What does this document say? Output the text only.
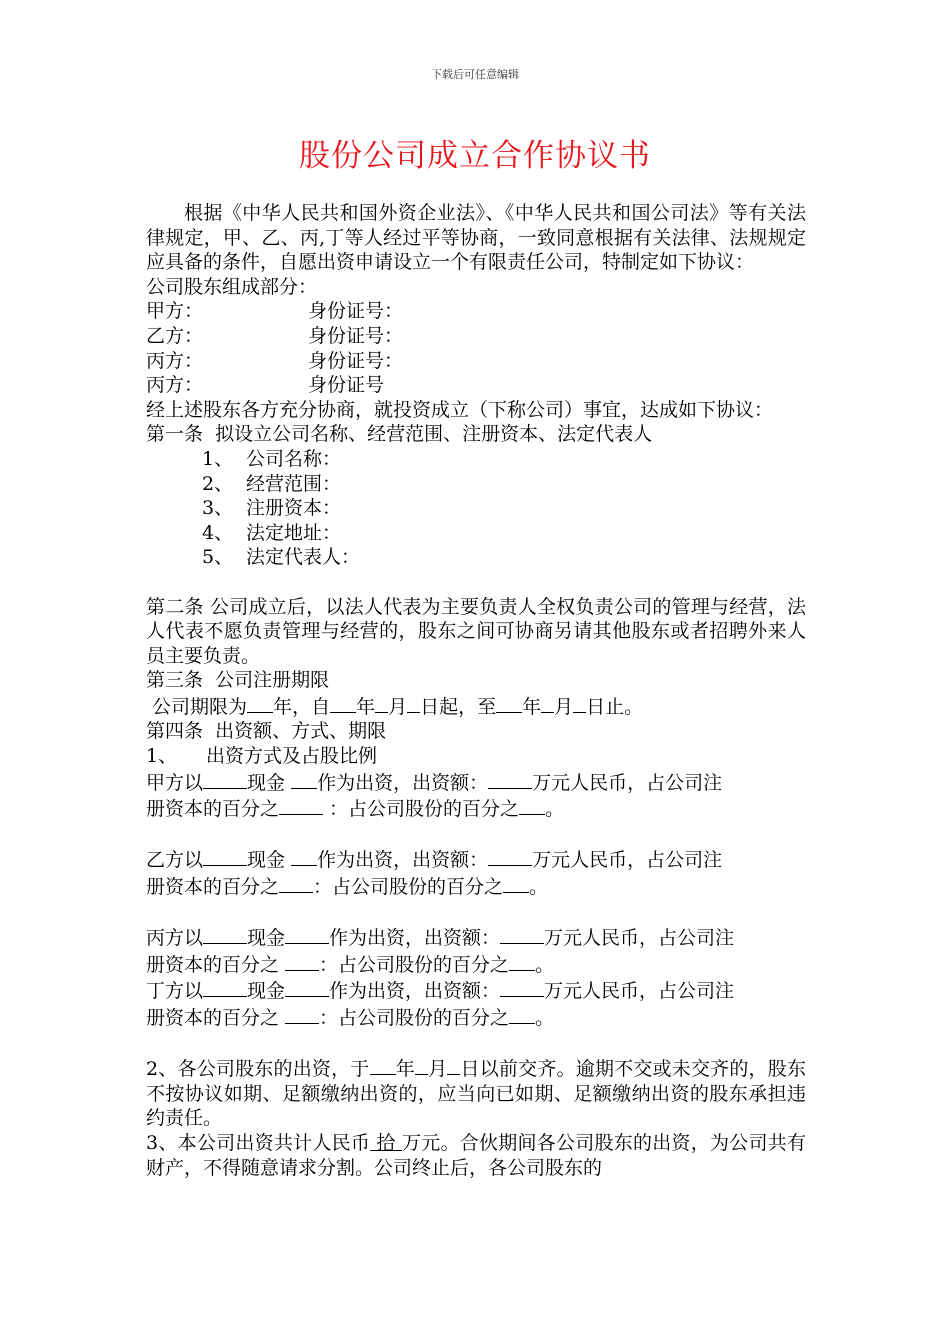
下载后可任意编辑
股份公司成立合作协议书

根据《中华人民共和国外资企业法》、《中华人民共和国公司法》等有关法律规定，甲、乙、丙,丁等人经过平等协商，一致同意根据有关法律、法规规定应具备的条件，自愿出资申请设立一个有限责任公司，特制定如下协议：

公司股东组成部分：

甲方：	身份证号：

乙方：	身份证号：

丙方：	身份证号：

丙方：	身份证号

经上述股东各方充分协商，就投资成立（下称公司）事宜，达成如下协议：

第一条  拟设立公司名称、经营范围、注册资本、法定代表人

1、 公司名称：

2、 经营范围：

3、 注册资本：

4、 法定地址：

5、 法定代表人：

第二条 公司成立后，以法人代表为主要负责人全权负责公司的管理与经营，法人代表不愿负责管理与经营的，股东之间可协商另请其他股东或者招聘外来人员主要负责。

第三条  公司注册期限

公司期限为 年，自 年 月 日起，至 年 月 日止。

第四条  出资额、方式、期限

1、 出资方式及占股比例

甲方以 现金 作为出资，出资额： 万元人民币，占公司注

册资本的百分之 ：占公司股份的百分之 。

乙方以 现金 作为出资，出资额： 万元人民币，占公司注

册资本的百分之 ：占公司股份的百分之 。

丙方以 现金 作为出资，出资额： 万元人民币，占公司注

册资本的百分之 ：占公司股份的百分之 。

丁方以 现金 作为出资，出资额： 万元人民币，占公司注

册资本的百分之 ：占公司股份的百分之 。

2、各公司股东的出资，于 年 月 日以前交齐。逾期不交或未交齐的，股东不按协议如期、足额缴纳出资的，应当向已如期、足额缴纳出资的股东承担违约责任。

3、本公司出资共计人民币 拾 万元。合伙期间各公司股东的出资，为公司共有财产，不得随意请求分割。公司终止后，各公司股东的
